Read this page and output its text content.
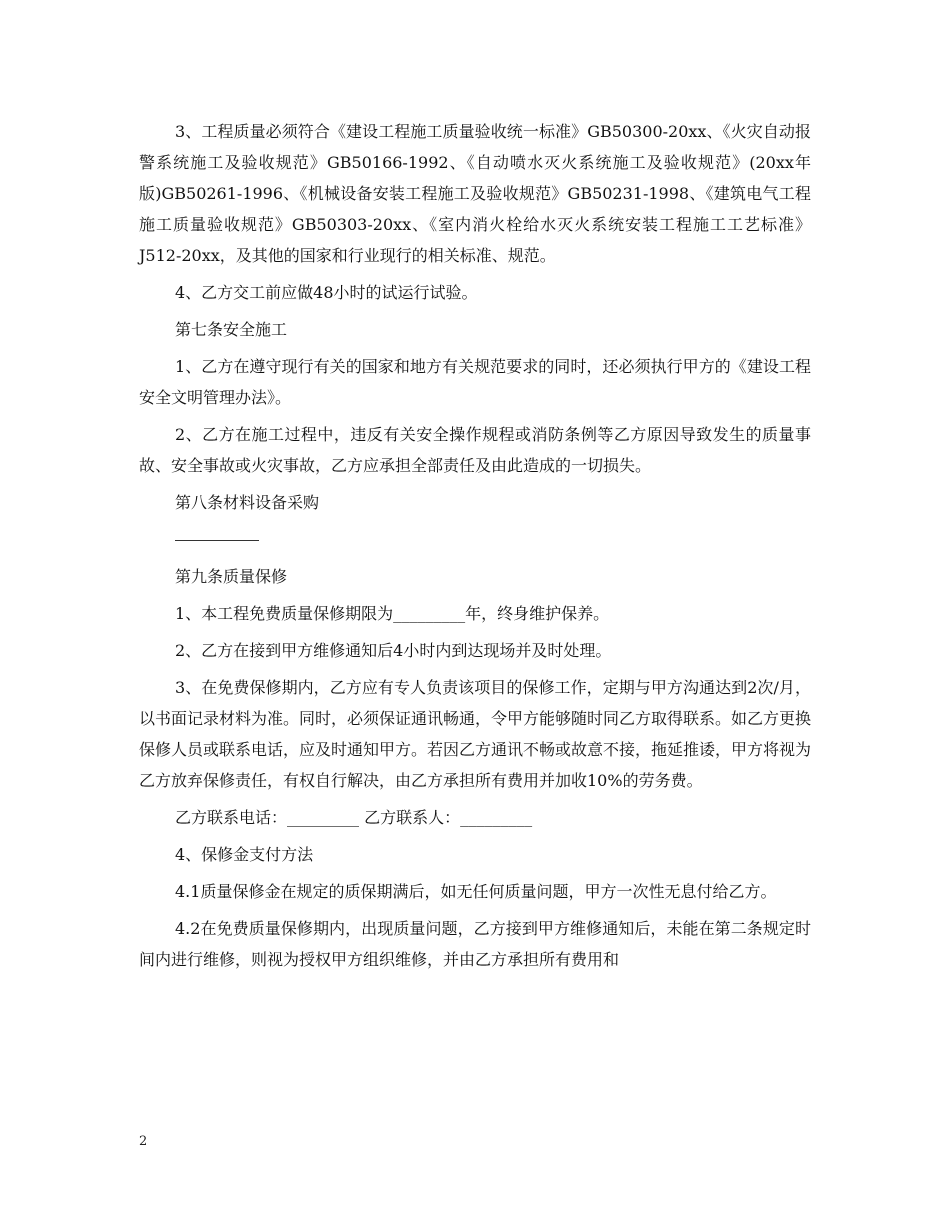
3、工程质量必须符合《建设工程施工质量验收统一标准》GB50300-20xx、《火灾自动报警系统施工及验收规范》GB50166-1992、《自动喷水灭火系统施工及验收规范》(20xx年版)GB50261-1996、《机械设备安装工程施工及验收规范》GB50231-1998、《建筑电气工程施工质量验收规范》GB50303-20xx、《室内消火栓给水灭火系统安装工程施工工艺标准》J512-20xx，及其他的国家和行业现行的相关标准、规范。

4、乙方交工前应做48小时的试运行试验。

第七条安全施工

1、乙方在遵守现行有关的国家和地方有关规范要求的同时，还必须执行甲方的《建设工程安全文明管理办法》。

2、乙方在施工过程中，违反有关安全操作规程或消防条例等乙方原因导致发生的质量事故、安全事故或火灾事故，乙方应承担全部责任及由此造成的一切损失。

第八条材料设备采购

第九条质量保修

1、本工程免费质量保修期限为_________年，终身维护保养。

2、乙方在接到甲方维修通知后4小时内到达现场并及时处理。

3、在免费保修期内，乙方应有专人负责该项目的保修工作，定期与甲方沟通达到2次/月，以书面记录材料为准。同时，必须保证通讯畅通，令甲方能够随时同乙方取得联系。如乙方更换保修人员或联系电话，应及时通知甲方。若因乙方通讯不畅或故意不接，拖延推诿，甲方将视为乙方放弃保修责任，有权自行解决，由乙方承担所有费用并加收10%的劳务费。

乙方联系电话：_________ 乙方联系人：_________

4、保修金支付方法

4.1质量保修金在规定的质保期满后，如无任何质量问题，甲方一次性无息付给乙方。

4.2在免费质量保修期内，出现质量问题，乙方接到甲方维修通知后，未能在第二条规定时间内进行维修，则视为授权甲方组织维修，并由乙方承担所有费用和

2
